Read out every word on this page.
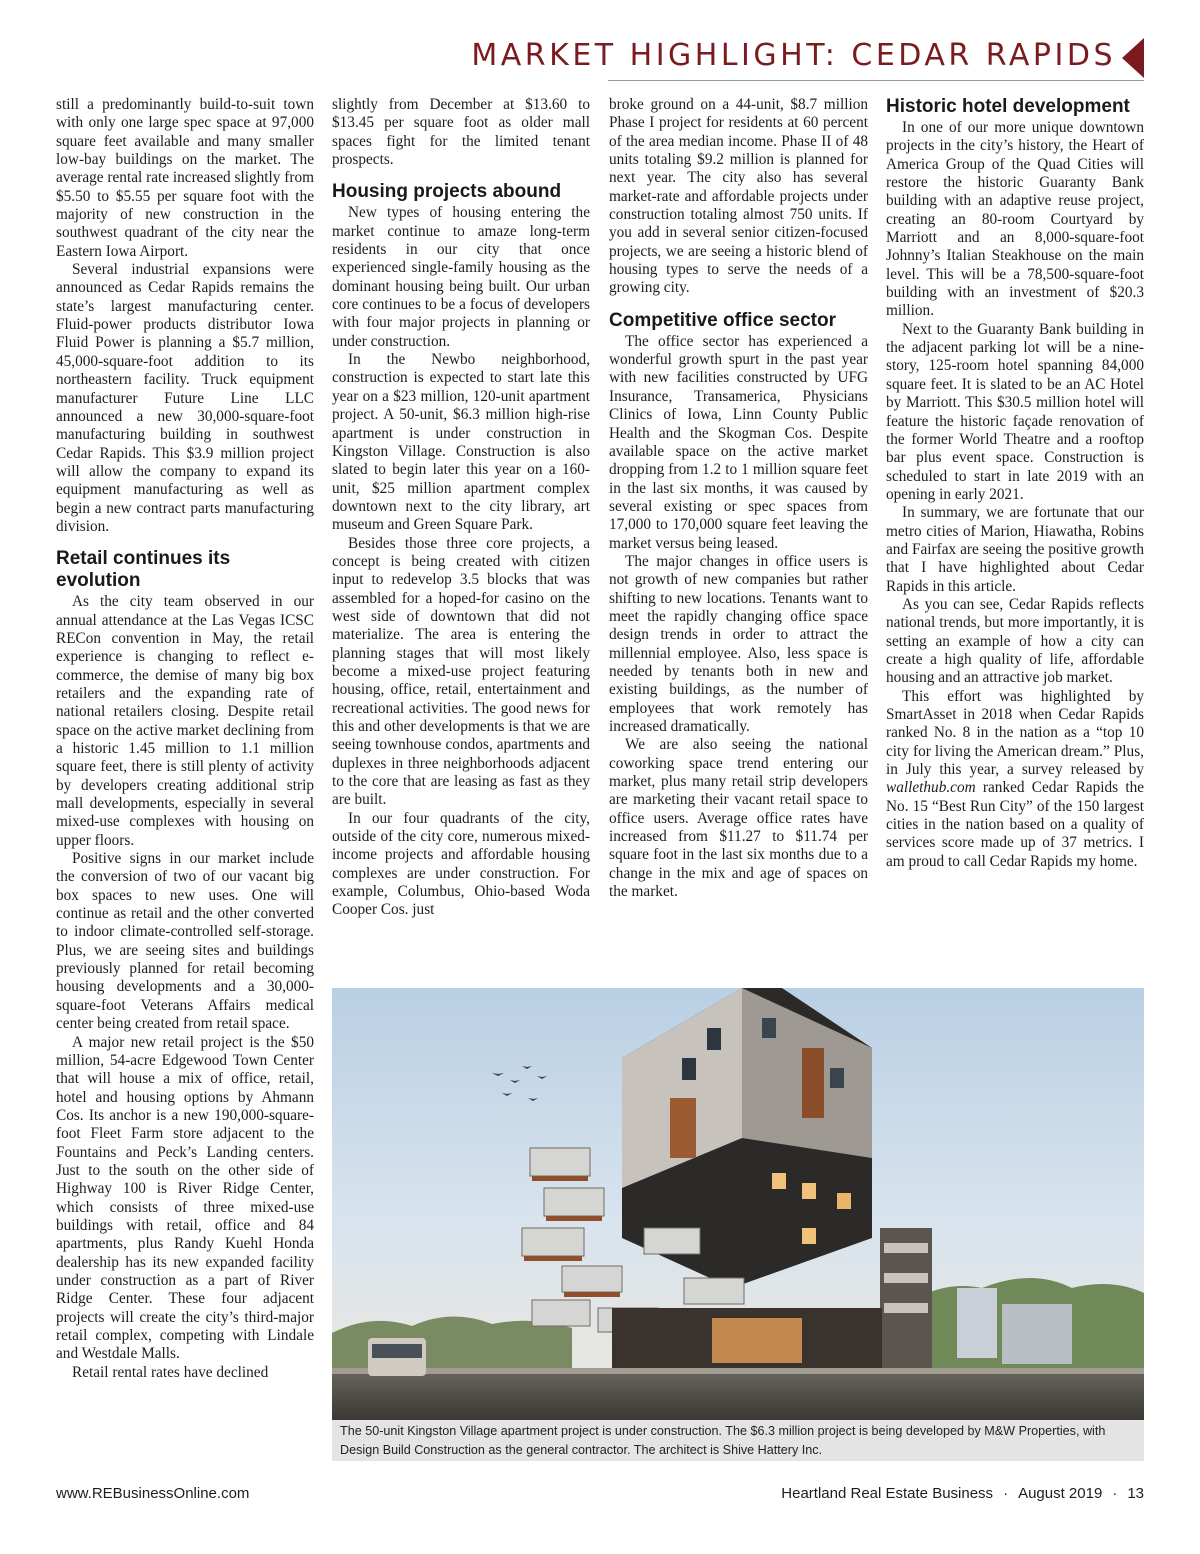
MARKET HIGHLIGHT: CEDAR RAPIDS

still a predominantly build-to-suit town with only one large spec space at 97,000 square feet available and many smaller low-bay buildings on the market. The average rental rate increased slightly from $5.50 to $5.55 per square foot with the majority of new construction in the southwest quadrant of the city near the Eastern Iowa Airport.

Several industrial expansions were announced as Cedar Rapids remains the state’s largest manufacturing center. Fluid-power products distributor Iowa Fluid Power is planning a $5.7 million, 45,000-square-foot addition to its northeastern facility. Truck equipment manufacturer Future Line LLC announced a new 30,000-square-foot manufacturing building in southwest Cedar Rapids. This $3.9 million project will allow the company to expand its equipment manufacturing as well as begin a new contract parts manufacturing division.

Retail continues its evolution

As the city team observed in our annual attendance at the Las Vegas ICSC RECon convention in May, the retail experience is changing to reflect e-commerce, the demise of many big box retailers and the expanding rate of national retailers closing. Despite retail space on the active market declining from a historic 1.45 million to 1.1 million square feet, there is still plenty of activity by developers creating additional strip mall developments, especially in several mixed-use complexes with housing on upper floors.

Positive signs in our market include the conversion of two of our vacant big box spaces to new uses. One will continue as retail and the other converted to indoor climate-controlled self-storage. Plus, we are seeing sites and buildings previously planned for retail becoming housing developments and a 30,000-square-foot Veterans Affairs medical center being created from retail space.

A major new retail project is the $50 million, 54-acre Edgewood Town Center that will house a mix of office, retail, hotel and housing options by Ahmann Cos. Its anchor is a new 190,000-square-foot Fleet Farm store adjacent to the Fountains and Peck’s Landing centers. Just to the south on the other side of Highway 100 is River Ridge Center, which consists of three mixed-use buildings with retail, office and 84 apartments, plus Randy Kuehl Honda dealership has its new expanded facility under construction as a part of River Ridge Center. These four adjacent projects will create the city’s third-major retail complex, competing with Lindale and Westdale Malls.

Retail rental rates have declined

slightly from December at $13.60 to $13.45 per square foot as older mall spaces fight for the limited tenant prospects.

Housing projects abound

New types of housing entering the market continue to amaze long-term residents in our city that once experienced single-family housing as the dominant housing being built. Our urban core continues to be a focus of developers with four major projects in planning or under construction.

In the Newbo neighborhood, construction is expected to start late this year on a $23 million, 120-unit apartment project. A 50-unit, $6.3 million high-rise apartment is under construction in Kingston Village. Construction is also slated to begin later this year on a 160-unit, $25 million apartment complex downtown next to the city library, art museum and Green Square Park.

Besides those three core projects, a concept is being created with citizen input to redevelop 3.5 blocks that was assembled for a hoped-for casino on the west side of downtown that did not materialize. The area is entering the planning stages that will most likely become a mixed-use project featuring housing, office, retail, entertainment and recreational activities. The good news for this and other developments is that we are seeing townhouse condos, apartments and duplexes in three neighborhoods adjacent to the core that are leasing as fast as they are built.

In our four quadrants of the city, outside of the city core, numerous mixed-income projects and affordable housing complexes are under construction. For example, Columbus, Ohio-based Woda Cooper Cos. just

broke ground on a 44-unit, $8.7 million Phase I project for residents at 60 percent of the area median income. Phase II of 48 units totaling $9.2 million is planned for next year. The city also has several market-rate and affordable projects under construction totaling almost 750 units. If you add in several senior citizen-focused projects, we are seeing a historic blend of housing types to serve the needs of a growing city.

Competitive office sector

The office sector has experienced a wonderful growth spurt in the past year with new facilities constructed by UFG Insurance, Transamerica, Physicians Clinics of Iowa, Linn County Public Health and the Skogman Cos. Despite available space on the active market dropping from 1.2 to 1 million square feet in the last six months, it was caused by several existing or spec spaces from 17,000 to 170,000 square feet leaving the market versus being leased.

The major changes in office users is not growth of new companies but rather shifting to new locations. Tenants want to meet the rapidly changing office space design trends in order to attract the millennial employee. Also, less space is needed by tenants both in new and existing buildings, as the number of employees that work remotely has increased dramatically.

We are also seeing the national coworking space trend entering our market, plus many retail strip developers are marketing their vacant retail space to office users. Average office rates have increased from $11.27 to $11.74 per square foot in the last six months due to a change in the mix and age of spaces on the market.

Historic hotel development

In one of our more unique downtown projects in the city’s history, the Heart of America Group of the Quad Cities will restore the historic Guaranty Bank building with an adaptive reuse project, creating an 80-room Courtyard by Marriott and an 8,000-square-foot Johnny’s Italian Steakhouse on the main level. This will be a 78,500-square-foot building with an investment of $20.3 million.

Next to the Guaranty Bank building in the adjacent parking lot will be a nine-story, 125-room hotel spanning 84,000 square feet. It is slated to be an AC Hotel by Marriott. This $30.5 million hotel will feature the historic façade renovation of the former World Theatre and a rooftop bar plus event space. Construction is scheduled to start in late 2019 with an opening in early 2021.

In summary, we are fortunate that our metro cities of Marion, Hiawatha, Robins and Fairfax are seeing the positive growth that I have highlighted about Cedar Rapids in this article.

As you can see, Cedar Rapids reflects national trends, but more importantly, it is setting an example of how a city can create a high quality of life, affordable housing and an attractive job market.

This effort was highlighted by SmartAsset in 2018 when Cedar Rapids ranked No. 8 in the nation as a “top 10 city for living the American dream.” Plus, in July this year, a survey released by wallethub.com ranked Cedar Rapids the No. 15 “Best Run City” of the 150 largest cities in the nation based on a quality of services score made up of 37 metrics. I am proud to call Cedar Rapids my home.

The 50-unit Kingston Village apartment project is under construction. The $6.3 million project is being developed by M&W Properties, with Design Build Construction as the general contractor. The architect is Shive Hattery Inc.
www.REBusinessOnline.com	Heartland Real Estate Business · August 2019 · 13
